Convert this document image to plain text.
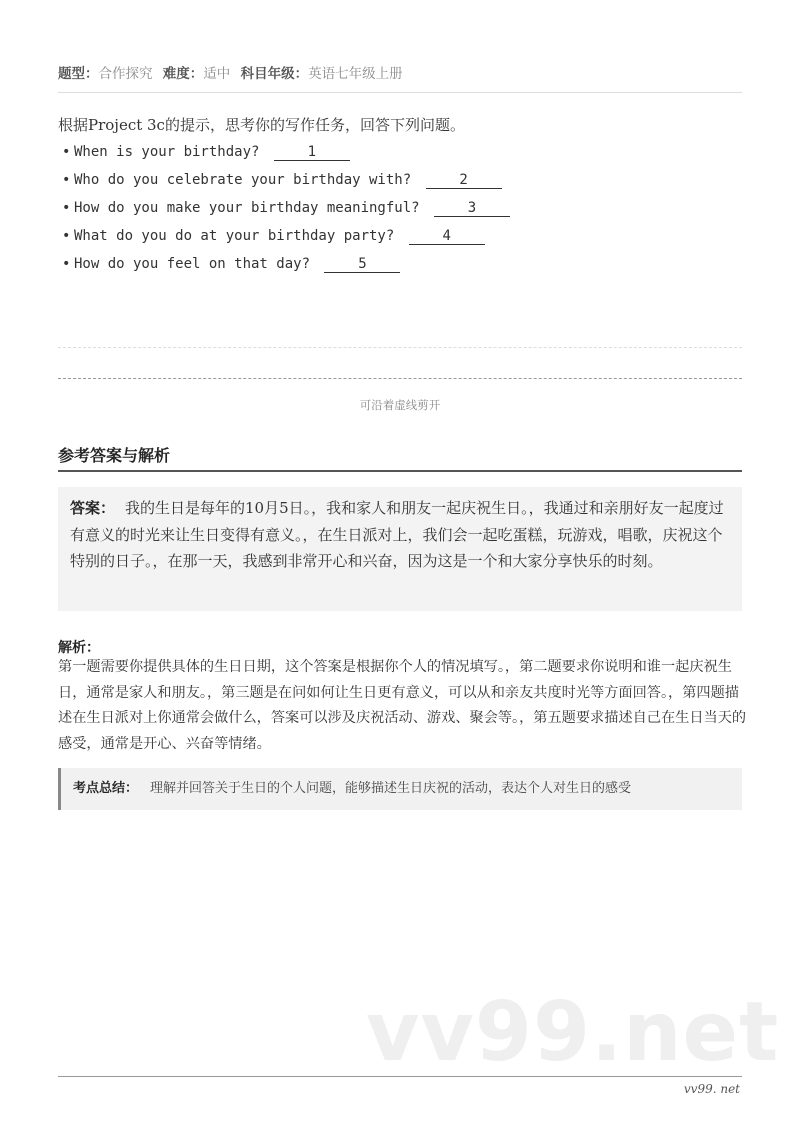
题型：合作探究 难度：适中 科目年级：英语七年级上册
根据Project 3c的提示，思考你的写作任务，回答下列问题。
• When is your birthday?	1
• Who do you celebrate your birthday with?	2
• How do you make your birthday meaningful?	3
• What do you do at your birthday party?	4
• How do you feel on that day?	5
可沿着虚线剪开
参考答案与解析
答案： 我的生日是每年的10月5日。，我和家人和朋友一起庆祝生日。，我通过和亲朋好友一起度过有意义的时光来让生日变得有意义。，在生日派对上，我们会一起吃蛋糕，玩游戏，唱歌，庆祝这个特别的日子。，在那一天，我感到非常开心和兴奋，因为这是一个和大家分享快乐的时刻。
解析：
第一题需要你提供具体的生日日期，这个答案是根据你个人的情况填写。，第二题要求你说明和谁一起庆祝生日，通常是家人和朋友。，第三题是在问如何让生日更有意义，可以从和亲友共度时光等方面回答。，第四题描述在生日派对上你通常会做什么，答案可以涉及庆祝活动、游戏、聚会等。，第五题要求描述自己在生日当天的感受，通常是开心、兴奋等情绪。
考点总结： 理解并回答关于生日的个人问题，能够描述生日庆祝的活动，表达个人对生日的感受
vv99.net
vv99. net
